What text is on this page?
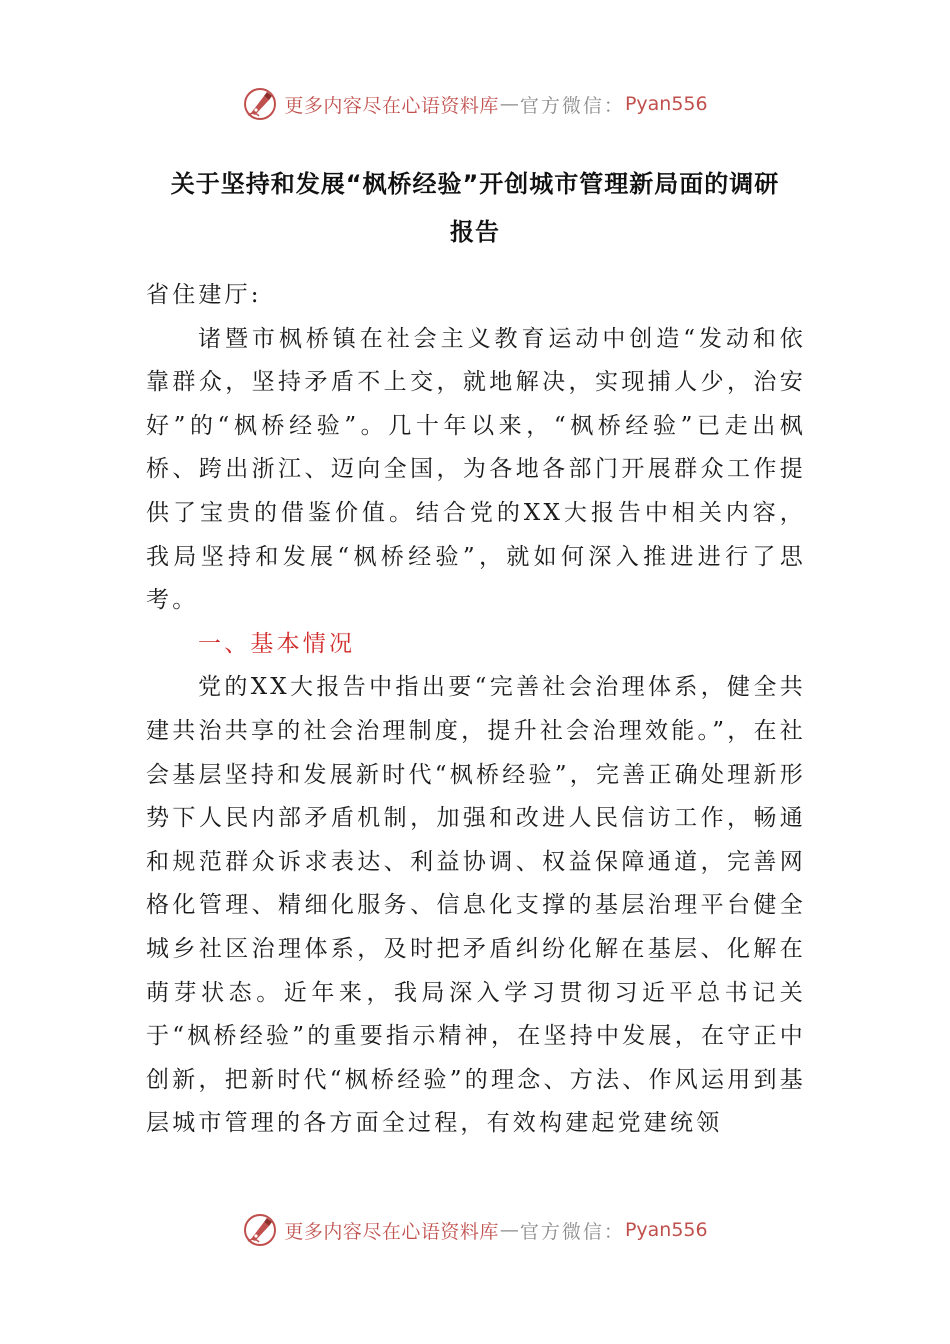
更多内容尽在心语资料库 — 官方微信： Pyan556
关于坚持和发展“枫桥经验”开创城市管理新局面的调研
报告

省住建厅:

诸暨市枫桥镇在社会主义教育运动中创造“发动和依靠群众，坚持矛盾不上交，就地解决，实现捕人少，治安好”的“枫桥经验”。几十年以来，“枫桥经验”已走出枫桥、跨出浙江、迈向全国，为各地各部门开展群众工作提供了宝贵的借鉴价值。结合党的XX大报告中相关内容，我局坚持和发展“枫桥经验”，就如何深入推进进行了思考。

一、基本情况

党的XX大报告中指出要“完善社会治理体系，健全共建共治共享的社会治理制度，提升社会治理效能。”，在社会基层坚持和发展新时代“枫桥经验”，完善正确处理新形势下人民内部矛盾机制，加强和改进人民信访工作，畅通和规范群众诉求表达、利益协调、权益保障通道，完善网格化管理、精细化服务、信息化支撑的基层治理平台健全城乡社区治理体系，及时把矛盾纠纷化解在基层、化解在萌芽状态。近年来，我局深入学习贯彻习近平总书记关于“枫桥经验”的重要指示精神，在坚持中发展，在守正中创新，把新时代“枫桥经验”的理念、方法、作风运用到基层城市管理的各方面全过程，有效构建起党建统领

更多内容尽在心语资料库 — 官方微信： Pyan556
